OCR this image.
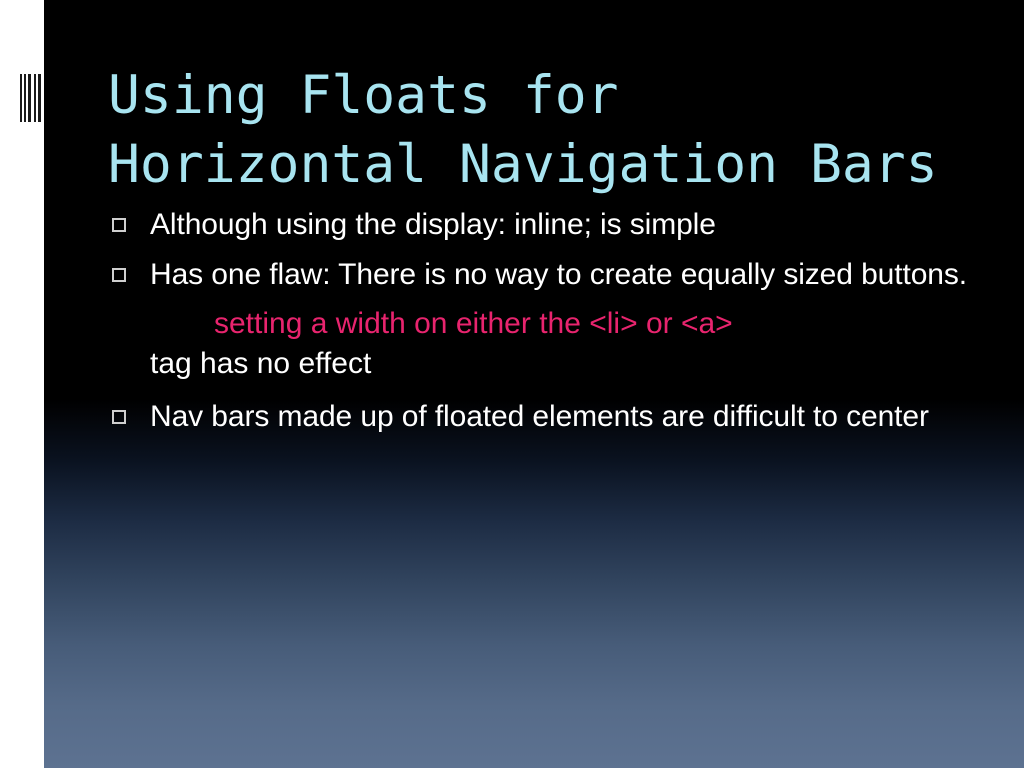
Using Floats for Horizontal Navigation Bars
Although using the display: inline; is simple
Has one flaw: There is no way to create equally sized buttons.
setting a width on either the <li> or <a>
tag has no effect
Nav bars made up of floated elements are difficult to center
